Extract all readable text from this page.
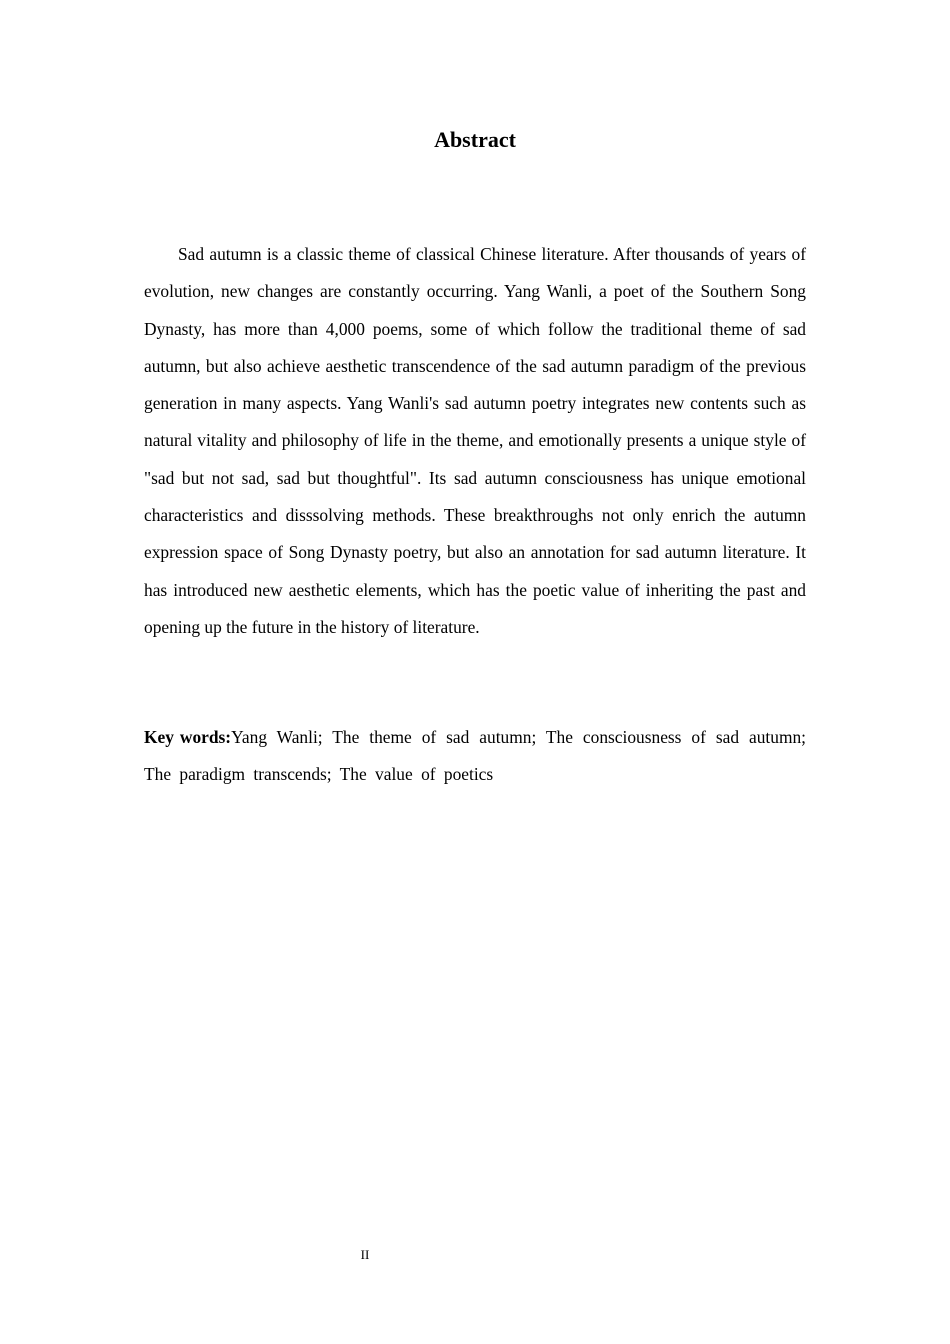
Abstract

Sad autumn is a classic theme of classical Chinese literature. After thousands of years of evolution, new changes are constantly occurring. Yang Wanli, a poet of the Southern Song Dynasty, has more than 4,000 poems, some of which follow the traditional theme of sad autumn, but also achieve aesthetic transcendence of the sad autumn paradigm of the previous generation in many aspects. Yang Wanli's sad autumn poetry integrates new contents such as natural vitality and philosophy of life in the theme, and emotionally presents a unique style of "sad but not sad, sad but thoughtful". Its sad autumn consciousness has unique emotional characteristics and disssolving methods. These breakthroughs not only enrich the autumn expression space of Song Dynasty poetry, but also an annotation for sad autumn literature. It has introduced new aesthetic elements, which has the poetic value of inheriting the past and opening up the future in the history of literature.

Key words:Yang Wanli; The theme of sad autumn; The consciousness of sad autumn; The paradigm transcends; The value of poetics

II
